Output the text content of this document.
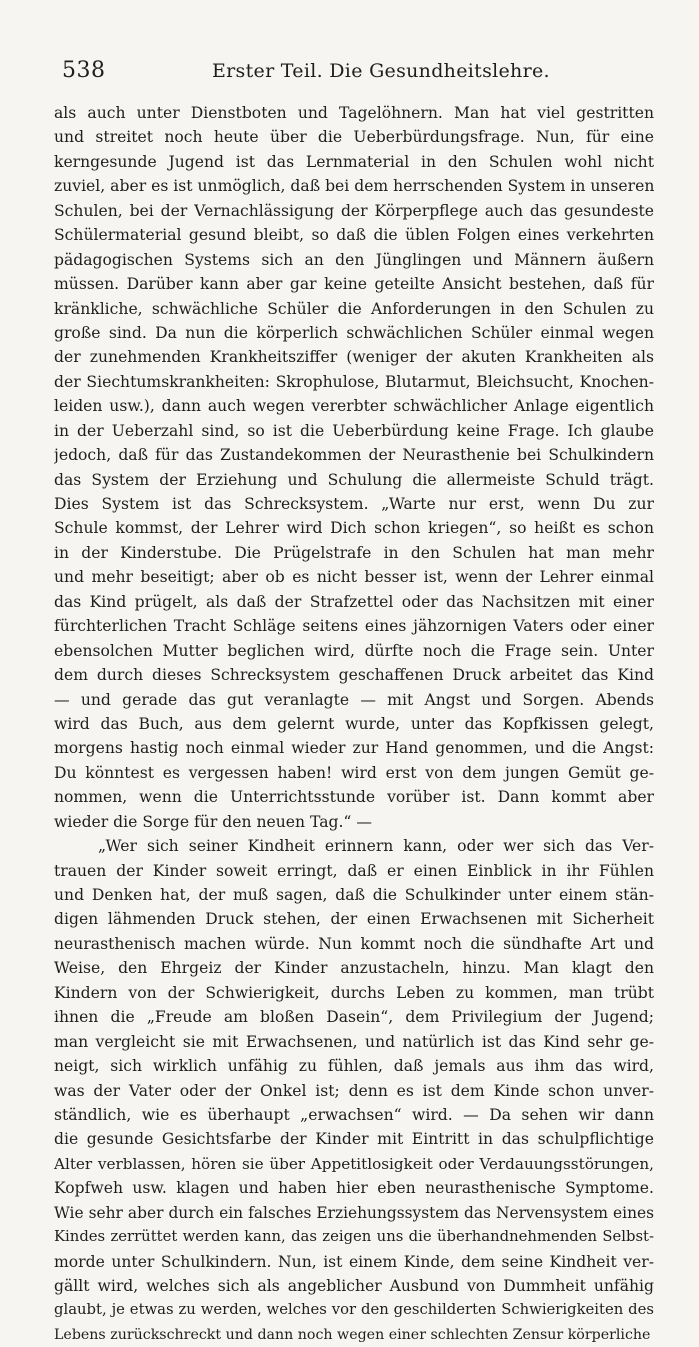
538	Erster Teil. Die Gesundheitslehre.
als auch unter Dienstboten und Tagelöhnern. Man hat viel gestritten
und streitet noch heute über die Ueberbürdungsfrage. Nun, für eine
kerngesunde Jugend ist das Lernmaterial in den Schulen wohl nicht
zuviel, aber es ist unmöglich, daß bei dem herrschenden System in unseren
Schulen, bei der Vernachlässigung der Körperpflege auch das gesundeste
Schülermaterial gesund bleibt, so daß die üblen Folgen eines verkehrten
pädagogischen Systems sich an den Jünglingen und Männern äußern
müssen. Darüber kann aber gar keine geteilte Ansicht bestehen, daß für
kränkliche, schwächliche Schüler die Anforderungen in den Schulen zu
große sind. Da nun die körperlich schwächlichen Schüler einmal wegen
der zunehmenden Krankheitsziffer (weniger der akuten Krankheiten als
der Siechtumskrankheiten: Skrophulose, Blutarmut, Bleichsucht, Knochen-
leiden usw.), dann auch wegen vererbter schwächlicher Anlage eigentlich
in der Ueberzahl sind, so ist die Ueberbürdung keine Frage. Ich glaube
jedoch, daß für das Zustandekommen der Neurasthenie bei Schulkindern
das System der Erziehung und Schulung die allermeiste Schuld trägt.
Dies System ist das Schrecksystem. „Warte nur erst, wenn Du zur
Schule kommst, der Lehrer wird Dich schon kriegen“, so heißt es schon
in der Kinderstube. Die Prügelstrafe in den Schulen hat man mehr
und mehr beseitigt; aber ob es nicht besser ist, wenn der Lehrer einmal
das Kind prügelt, als daß der Strafzettel oder das Nachsitzen mit einer
fürchterlichen Tracht Schläge seitens eines jähzornigen Vaters oder einer
ebensolchen Mutter beglichen wird, dürfte noch die Frage sein. Unter
dem durch dieses Schrecksystem geschaffenen Druck arbeitet das Kind
— und gerade das gut veranlagte — mit Angst und Sorgen. Abends
wird das Buch, aus dem gelernt wurde, unter das Kopfkissen gelegt,
morgens hastig noch einmal wieder zur Hand genommen, und die Angst:
Du könntest es vergessen haben! wird erst von dem jungen Gemüt ge-
nommen, wenn die Unterrichtsstunde vorüber ist. Dann kommt aber
wieder die Sorge für den neuen Tag.“ —
„Wer sich seiner Kindheit erinnern kann, oder wer sich das Ver-
trauen der Kinder soweit erringt, daß er einen Einblick in ihr Fühlen
und Denken hat, der muß sagen, daß die Schulkinder unter einem stän-
digen lähmenden Druck stehen, der einen Erwachsenen mit Sicherheit
neurasthenisch machen würde. Nun kommt noch die sündhafte Art und
Weise, den Ehrgeiz der Kinder anzustacheln, hinzu. Man klagt den
Kindern von der Schwierigkeit, durchs Leben zu kommen, man trübt
ihnen die „Freude am bloßen Dasein“, dem Privilegium der Jugend;
man vergleicht sie mit Erwachsenen, und natürlich ist das Kind sehr ge-
neigt, sich wirklich unfähig zu fühlen, daß jemals aus ihm das wird,
was der Vater oder der Onkel ist; denn es ist dem Kinde schon unver-
ständlich, wie es überhaupt „erwachsen“ wird. — Da sehen wir dann
die gesunde Gesichtsfarbe der Kinder mit Eintritt in das schulpflichtige
Alter verblassen, hören sie über Appetitlosigkeit oder Verdauungsstörungen,
Kopfweh usw. klagen und haben hier eben neurasthenische Symptome.
Wie sehr aber durch ein falsches Erziehungssystem das Nervensystem eines
Kindes zerrüttet werden kann, das zeigen uns die überhandnehmenden Selbst-
morde unter Schulkindern. Nun, ist einem Kinde, dem seine Kindheit ver-
gällt wird, welches sich als angeblicher Ausbund von Dummheit unfähig
glaubt, je etwas zu werden, welches vor den geschilderten Schwierigkeiten des
Lebens zurückschreckt und dann noch wegen einer schlechten Zensur körperliche
